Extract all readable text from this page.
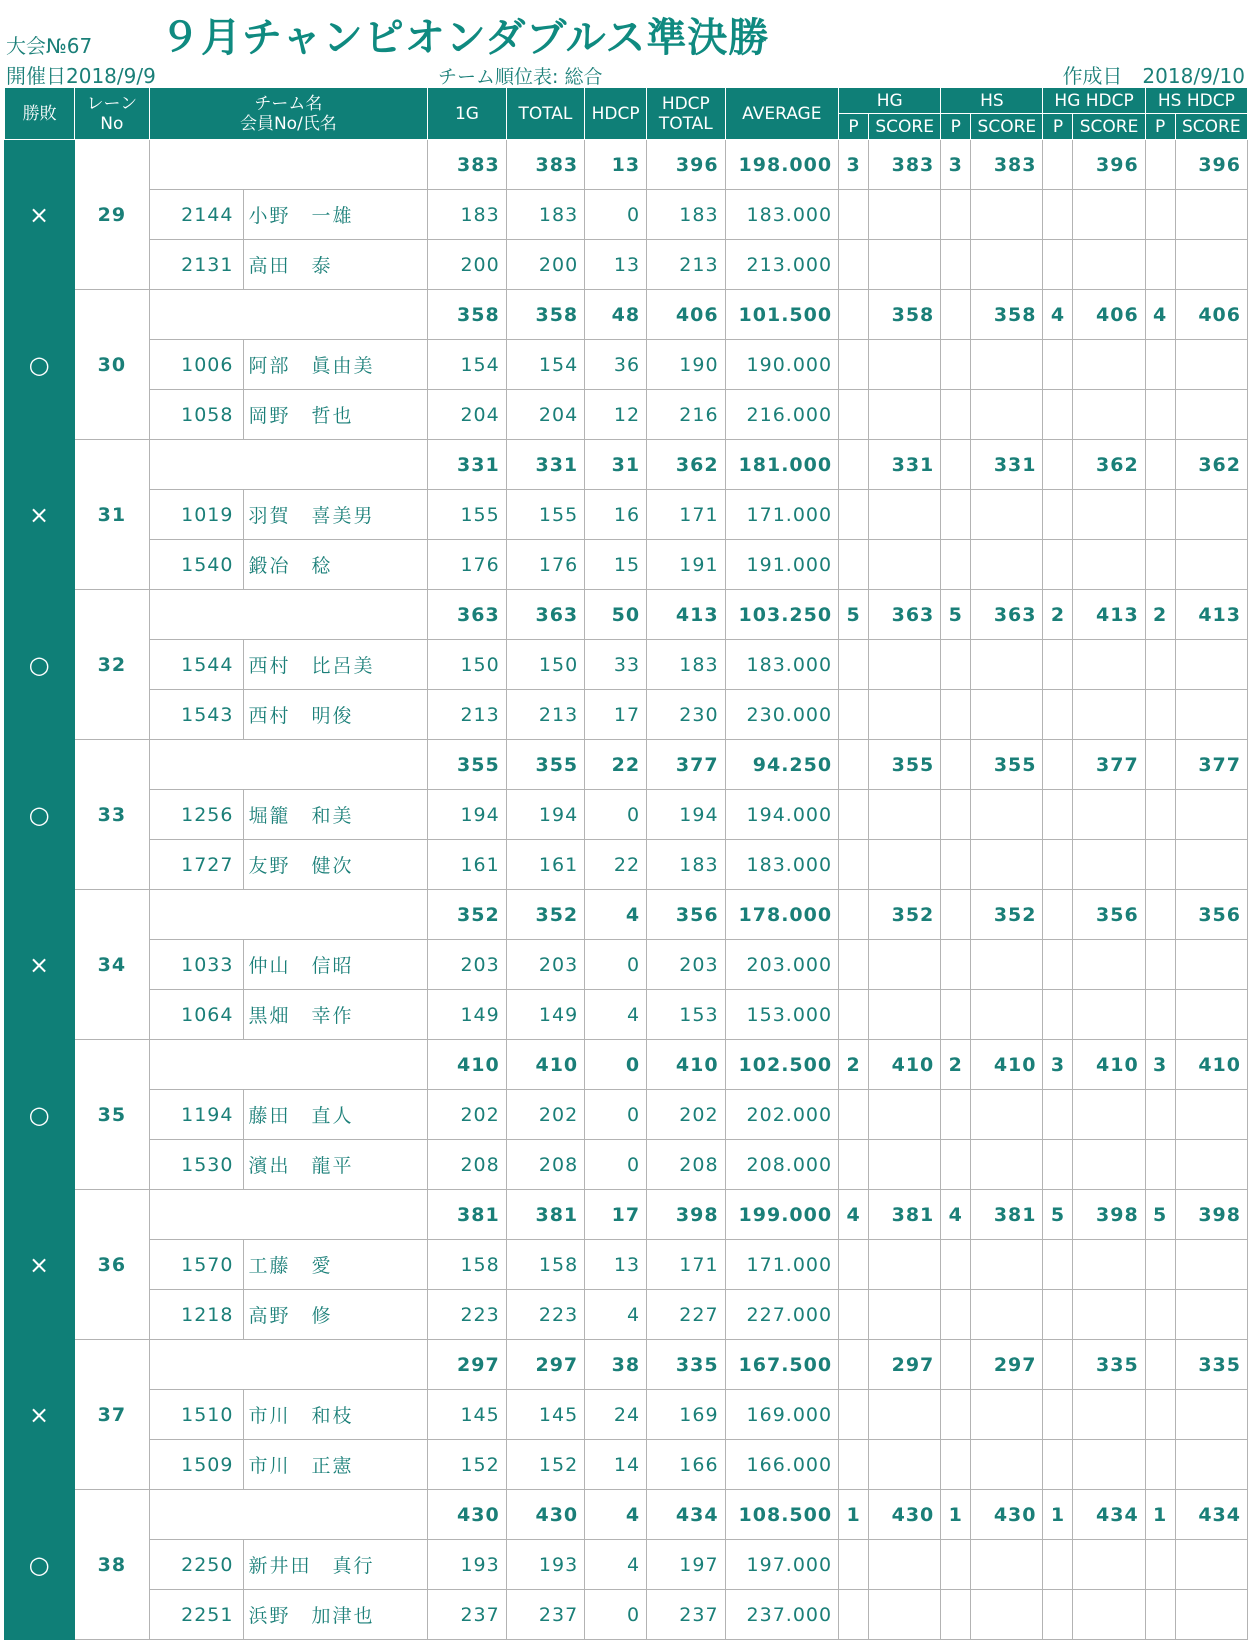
９月チャンピオンダブルス準決勝
大会№67
開催日2018/9/9	チーム順位表: 総合	作成日　2018/9/10
勝敗	レーン
No	チーム名
会員No/氏名		1G	TOTAL	HDCP	HDCP
TOTAL	AVERAGE	HG		HS		HG HDCP		HS HDCP	
									P	SCORE	P	SCORE	P	SCORE	P	SCORE
×	29			383	383	13	396	198.000	3	383	3	383		396		396
		2144	小野　一雄	183	183	0	183	183.000								
		2131	高田　泰	200	200	13	213	213.000								
○	30			358	358	48	406	101.500		358		358	4	406	4	406
		1006	阿部　眞由美	154	154	36	190	190.000								
		1058	岡野　哲也	204	204	12	216	216.000								
×	31			331	331	31	362	181.000		331		331		362		362
		1019	羽賀　喜美男	155	155	16	171	171.000								
		1540	鍛冶　稔	176	176	15	191	191.000								
○	32			363	363	50	413	103.250	5	363	5	363	2	413	2	413
		1544	西村　比呂美	150	150	33	183	183.000								
		1543	西村　明俊	213	213	17	230	230.000								
○	33			355	355	22	377	94.250		355		355		377		377
		1256	堀籠　和美	194	194	0	194	194.000								
		1727	友野　健次	161	161	22	183	183.000								
×	34			352	352	4	356	178.000		352		352		356		356
		1033	仲山　信昭	203	203	0	203	203.000								
		1064	黒畑　幸作	149	149	4	153	153.000								
○	35			410	410	0	410	102.500	2	410	2	410	3	410	3	410
		1194	藤田　直人	202	202	0	202	202.000								
		1530	濱出　龍平	208	208	0	208	208.000								
×	36			381	381	17	398	199.000	4	381	4	381	5	398	5	398
		1570	工藤　愛	158	158	13	171	171.000								
		1218	高野　修	223	223	4	227	227.000								
×	37			297	297	38	335	167.500		297		297		335		335
		1510	市川　和枝	145	145	24	169	169.000								
		1509	市川　正憲	152	152	14	166	166.000								
○	38			430	430	4	434	108.500	1	430	1	430	1	434	1	434
		2250	新井田　真行	193	193	4	197	197.000								
		2251	浜野　加津也	237	237	0	237	237.000								
